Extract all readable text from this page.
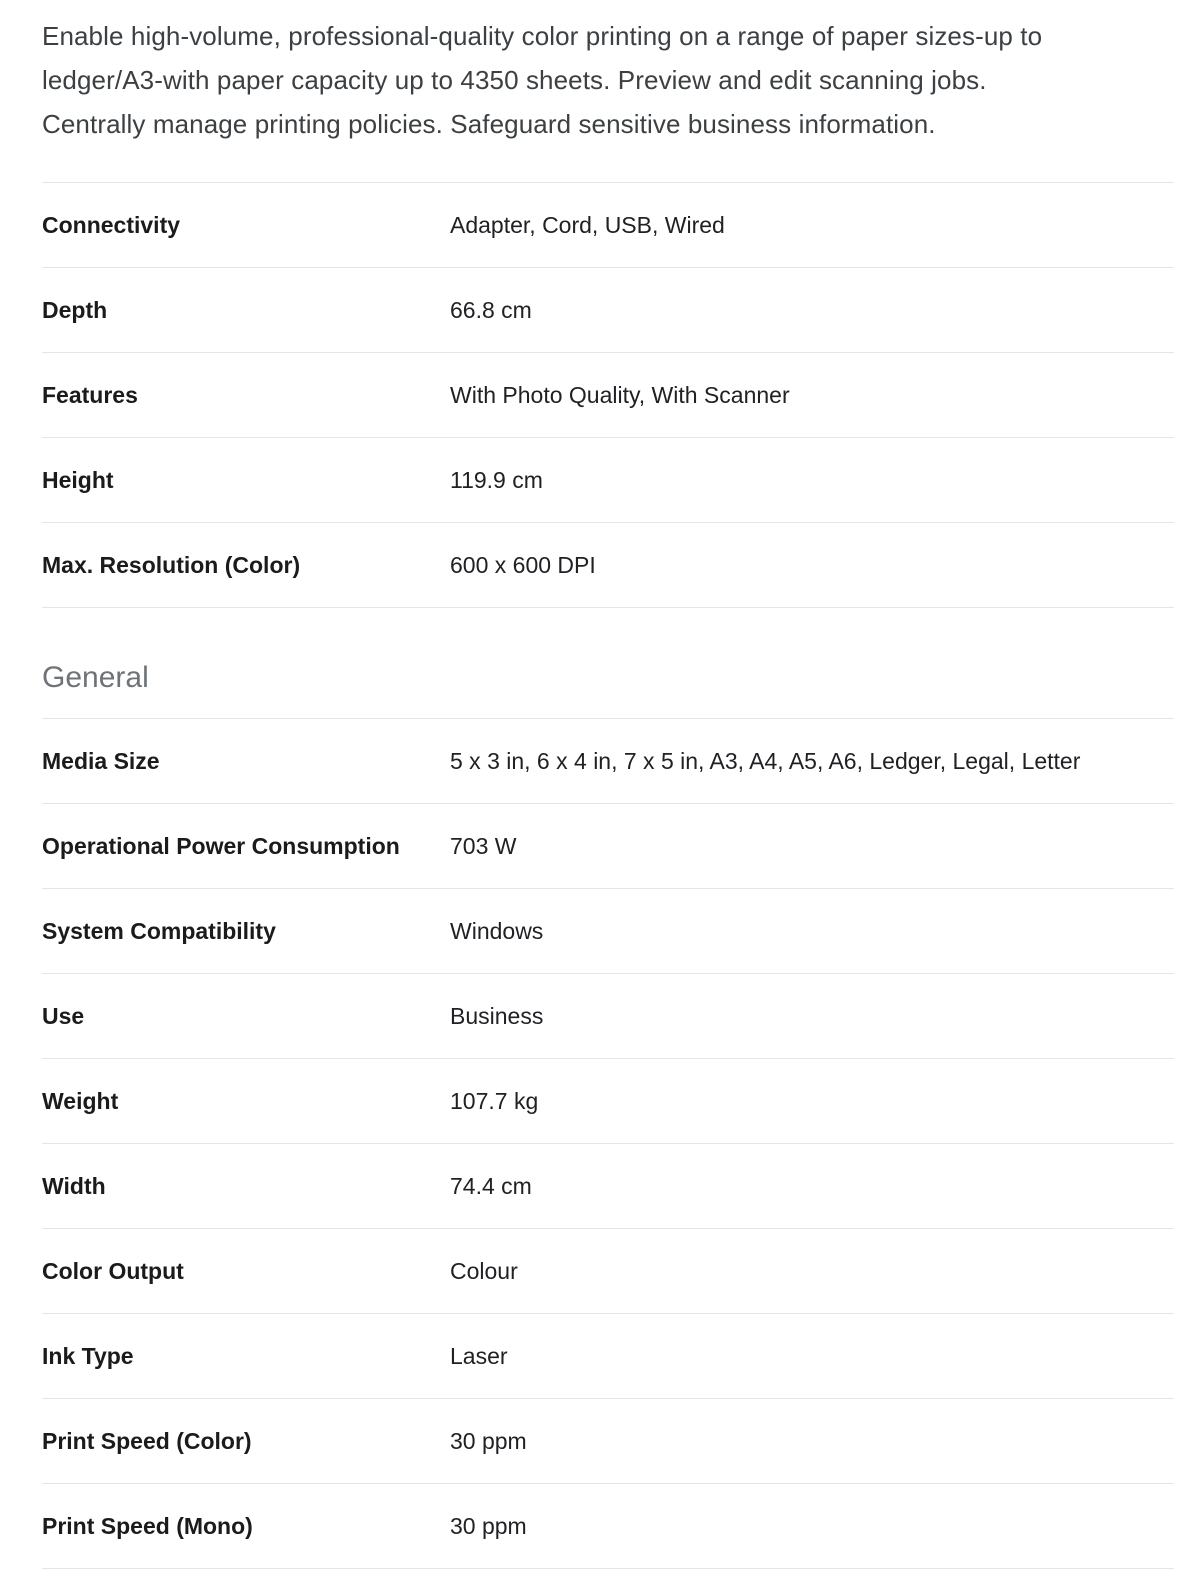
Enable high-volume, professional-quality color printing on a range of paper sizes-up to ledger/A3-with paper capacity up to 4350 sheets. Preview and edit scanning jobs. Centrally manage printing policies. Safeguard sensitive business information.

Connectivity	Adapter, Cord, USB, Wired
Depth	66.8 cm
Features	With Photo Quality, With Scanner
Height	119.9 cm
Max. Resolution (Color)	600 x 600 DPI
General
Media Size	5 x 3 in, 6 x 4 in, 7 x 5 in, A3, A4, A5, A6, Ledger, Legal, Letter
Operational Power Consumption	703 W
System Compatibility	Windows
Use	Business
Weight	107.7 kg
Width	74.4 cm
Color Output	Colour
Ink Type	Laser
Print Speed (Color)	30 ppm
Print Speed (Mono)	30 ppm
